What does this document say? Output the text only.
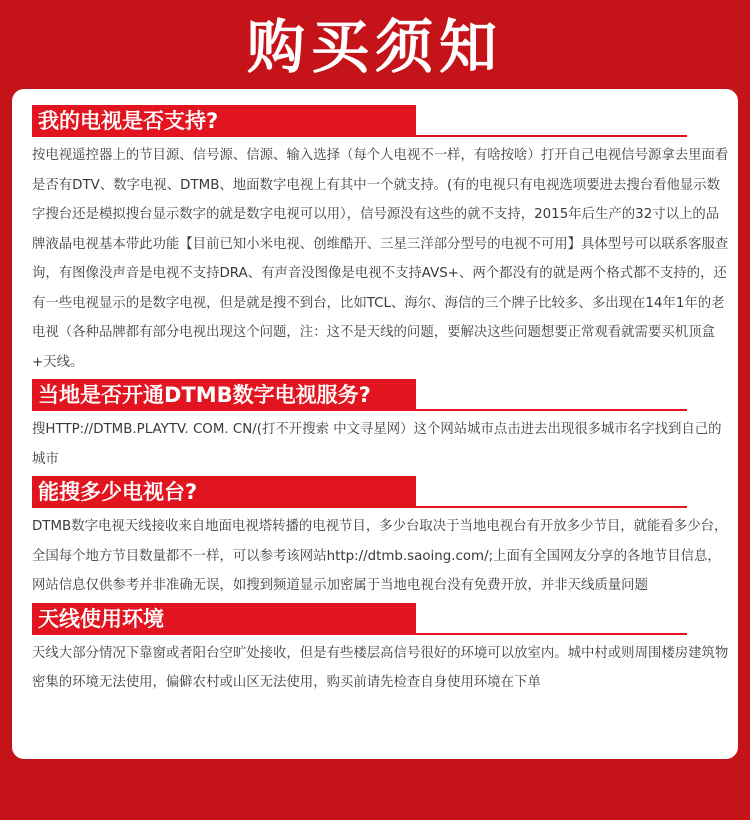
购买须知
我的电视是否支持?
按电视遥控器上的节目源、信号源、信源、输入选择（每个人电视不一样，有啥按啥）打开自己电视信号源拿去里面看是否有DTV、数字电视、DTMB、地面数字电视上有其中一个就支持。(有的电视只有电视选项要进去搜台看他显示数字搜台还是模拟搜台显示数字的就是数字电视可以用），信号源没有这些的就不支持，2015年后生产的32寸以上的品牌液晶电视基本带此功能【目前已知小米电视、创维酷开、三星三洋部分型号的电视不可用】具体型号可以联系客服查询，有图像没声音是电视不支持DRA、有声音没图像是电视不支持AVS+、两个都没有的就是两个格式都不支持的，还有一些电视显示的是数字电视，但是就是搜不到台，比如TCL、海尔、海信的三个牌子比较多、多出现在14年1年的老电视（各种品牌都有部分电视出现这个问题，注：这不是天线的问题，要解决这些问题想要正常观看就需要买机顶盒+天线。
当地是否开通DTMB数字电视服务?
搜HTTP://DTMB.PLAYTV. COM. CN/(打不开搜索 中文寻星网）这个网站城市点击进去出现很多城市名字找到自己的城市
能搜多少电视台?
DTMB数字电视天线接收来自地面电视塔转播的电视节目，多少台取决于当地电视台有开放多少节目，就能看多少台，全国每个地方节目数量都不一样，可以参考该网站http://dtmb.saoing.com/;上面有全国网友分享的各地节目信息，网站信息仅供参考并非准确无误，如搜到频道显示加密属于当地电视台没有免费开放，并非天线质量问题
天线使用环境
天线大部分情况下靠窗或者阳台空旷处接收，但是有些楼层高信号很好的环境可以放室内。城中村或则周围楼房建筑物密集的环境无法使用，偏僻农村或山区无法使用，购买前请先检查自身使用环境在下单
